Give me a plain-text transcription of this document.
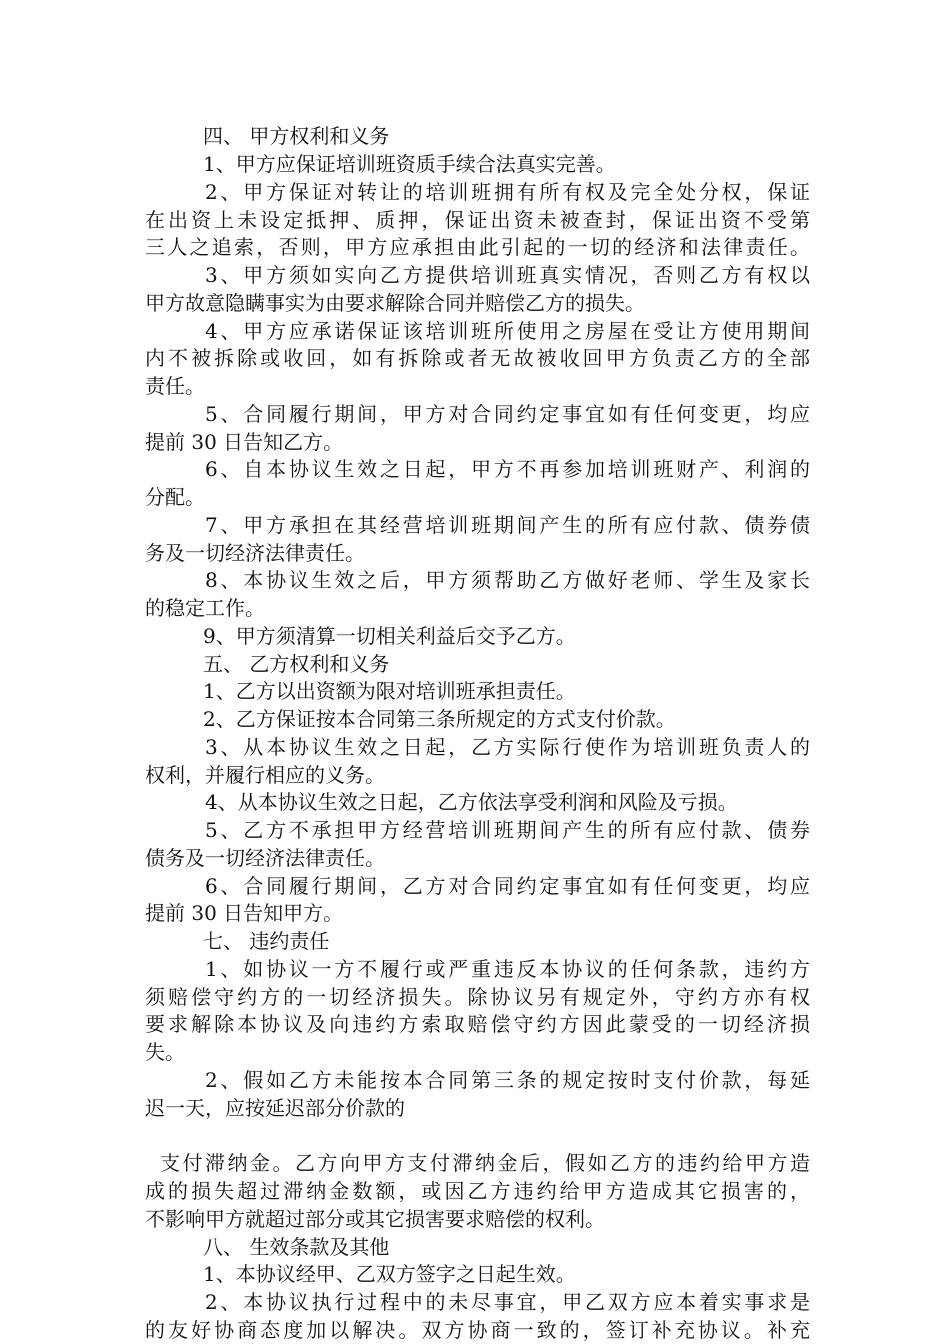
四、 甲方权利和义务
1、甲方应保证培训班资质手续合法真实完善。
2、甲方保证对转让的培训班拥有所有权及完全处分权，保证
在出资上未设定抵押、质押，保证出资未被查封，保证出资不受第
三人之追索，否则，甲方应承担由此引起的一切的经济和法律责任。
3、甲方须如实向乙方提供培训班真实情况，否则乙方有权以
甲方故意隐瞒事实为由要求解除合同并赔偿乙方的损失。
4、甲方应承诺保证该培训班所使用之房屋在受让方使用期间
内不被拆除或收回，如有拆除或者无故被收回甲方负责乙方的全部
责任。
5、合同履行期间，甲方对合同约定事宜如有任何变更，均应
提前 30 日告知乙方。
6、自本协议生效之日起，甲方不再参加培训班财产、利润的
分配。
7、甲方承担在其经营培训班期间产生的所有应付款、债券债
务及一切经济法律责任。
8、本协议生效之后，甲方须帮助乙方做好老师、学生及家长
的稳定工作。
9、甲方须清算一切相关利益后交予乙方。
五、 乙方权利和义务
1、乙方以出资额为限对培训班承担责任。
2、乙方保证按本合同第三条所规定的方式支付价款。
3、从本协议生效之日起，乙方实际行使作为培训班负责人的
权利，并履行相应的义务。
4、从本协议生效之日起，乙方依法享受利润和风险及亏损。
5、乙方不承担甲方经营培训班期间产生的所有应付款、债券
债务及一切经济法律责任。
6、合同履行期间，乙方对合同约定事宜如有任何变更，均应
提前 30 日告知甲方。
七、 违约责任
1、如协议一方不履行或严重违反本协议的任何条款，违约方
须赔偿守约方的一切经济损失。除协议另有规定外，守约方亦有权
要求解除本协议及向违约方索取赔偿守约方因此蒙受的一切经济损
失。
2、假如乙方未能按本合同第三条的规定按时支付价款，每延
迟一天，应按延迟部分价款的
支付滞纳金。乙方向甲方支付滞纳金后，假如乙方的违约给甲方造
成的损失超过滞纳金数额，或因乙方违约给甲方造成其它损害的，
不影响甲方就超过部分或其它损害要求赔偿的权利。
八、 生效条款及其他
1、本协议经甲、乙双方签字之日起生效。
2、本协议执行过程中的未尽事宜，甲乙双方应本着实事求是
的友好协商态度加以解决。双方协商一致的，签订补充协议。补充
